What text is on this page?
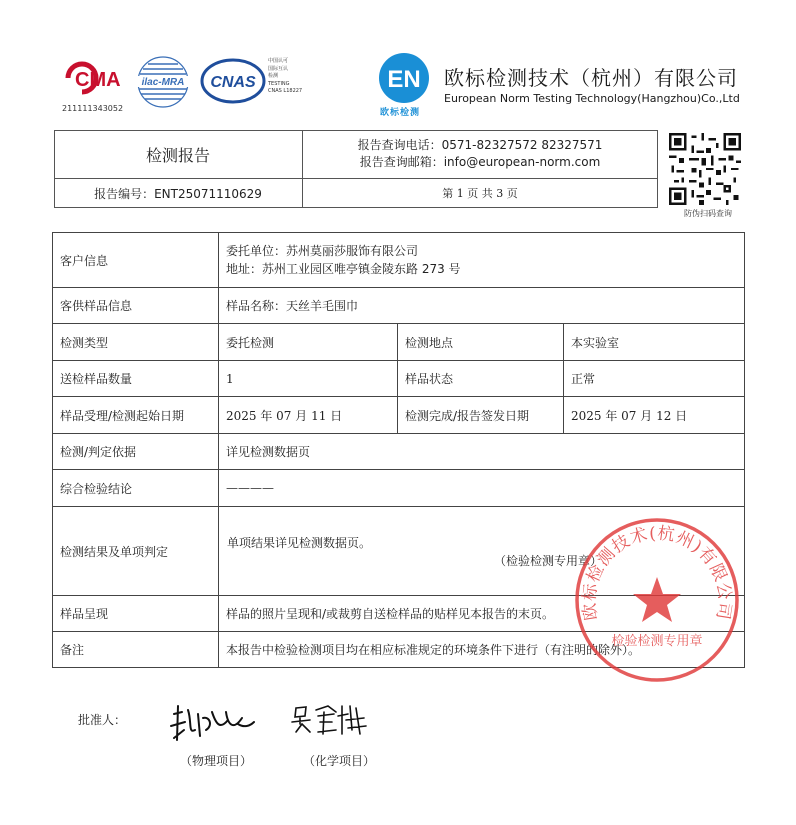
CMA
211111343052
ilac-MRA CNAS
中国认可
国际互认
检测
TESTING
CNAS L18227	EN
欧标检测
欧标检测技术（杭州）有限公司
European Norm Testing Technology(Hangzhou)Co.,Ltd
检测报告
报告编号：ENT25071110629
报告查询电话：0571-82327572 82327571
报告查询邮箱：info@european-norm.com
第 1 页 共 3 页
防伪扫码查询
客户信息	委托单位：苏州莫丽莎服饰有限公司
地址：苏州工业园区唯亭镇金陵东路 273 号		

客供样品信息	样品名称：天丝羊毛围巾		
检测类型	委托检测	检测地点	本实验室
送检样品数量	1	样品状态	正常
样品受理/检测起始日期	2025 年 07 月 11 日	检测完成/报告签发日期	2025 年 07 月 12 日
检测/判定依据	详见检测数据页		
综合检验结论	————		
检测结果及单项判定	单项结果详见检测数据页。
（检验检测专用章）		

样品呈现	样品的照片呈现和/或裁剪自送检样品的贴样见本报告的末页。		
备注	本报告中检验检测项目均在相应标准规定的环境条件下进行（有注明的除外）。		
欧标检测技术(杭州)有限公司
检验检测专用章
批准人：
（物理项目）	（化学项目）
